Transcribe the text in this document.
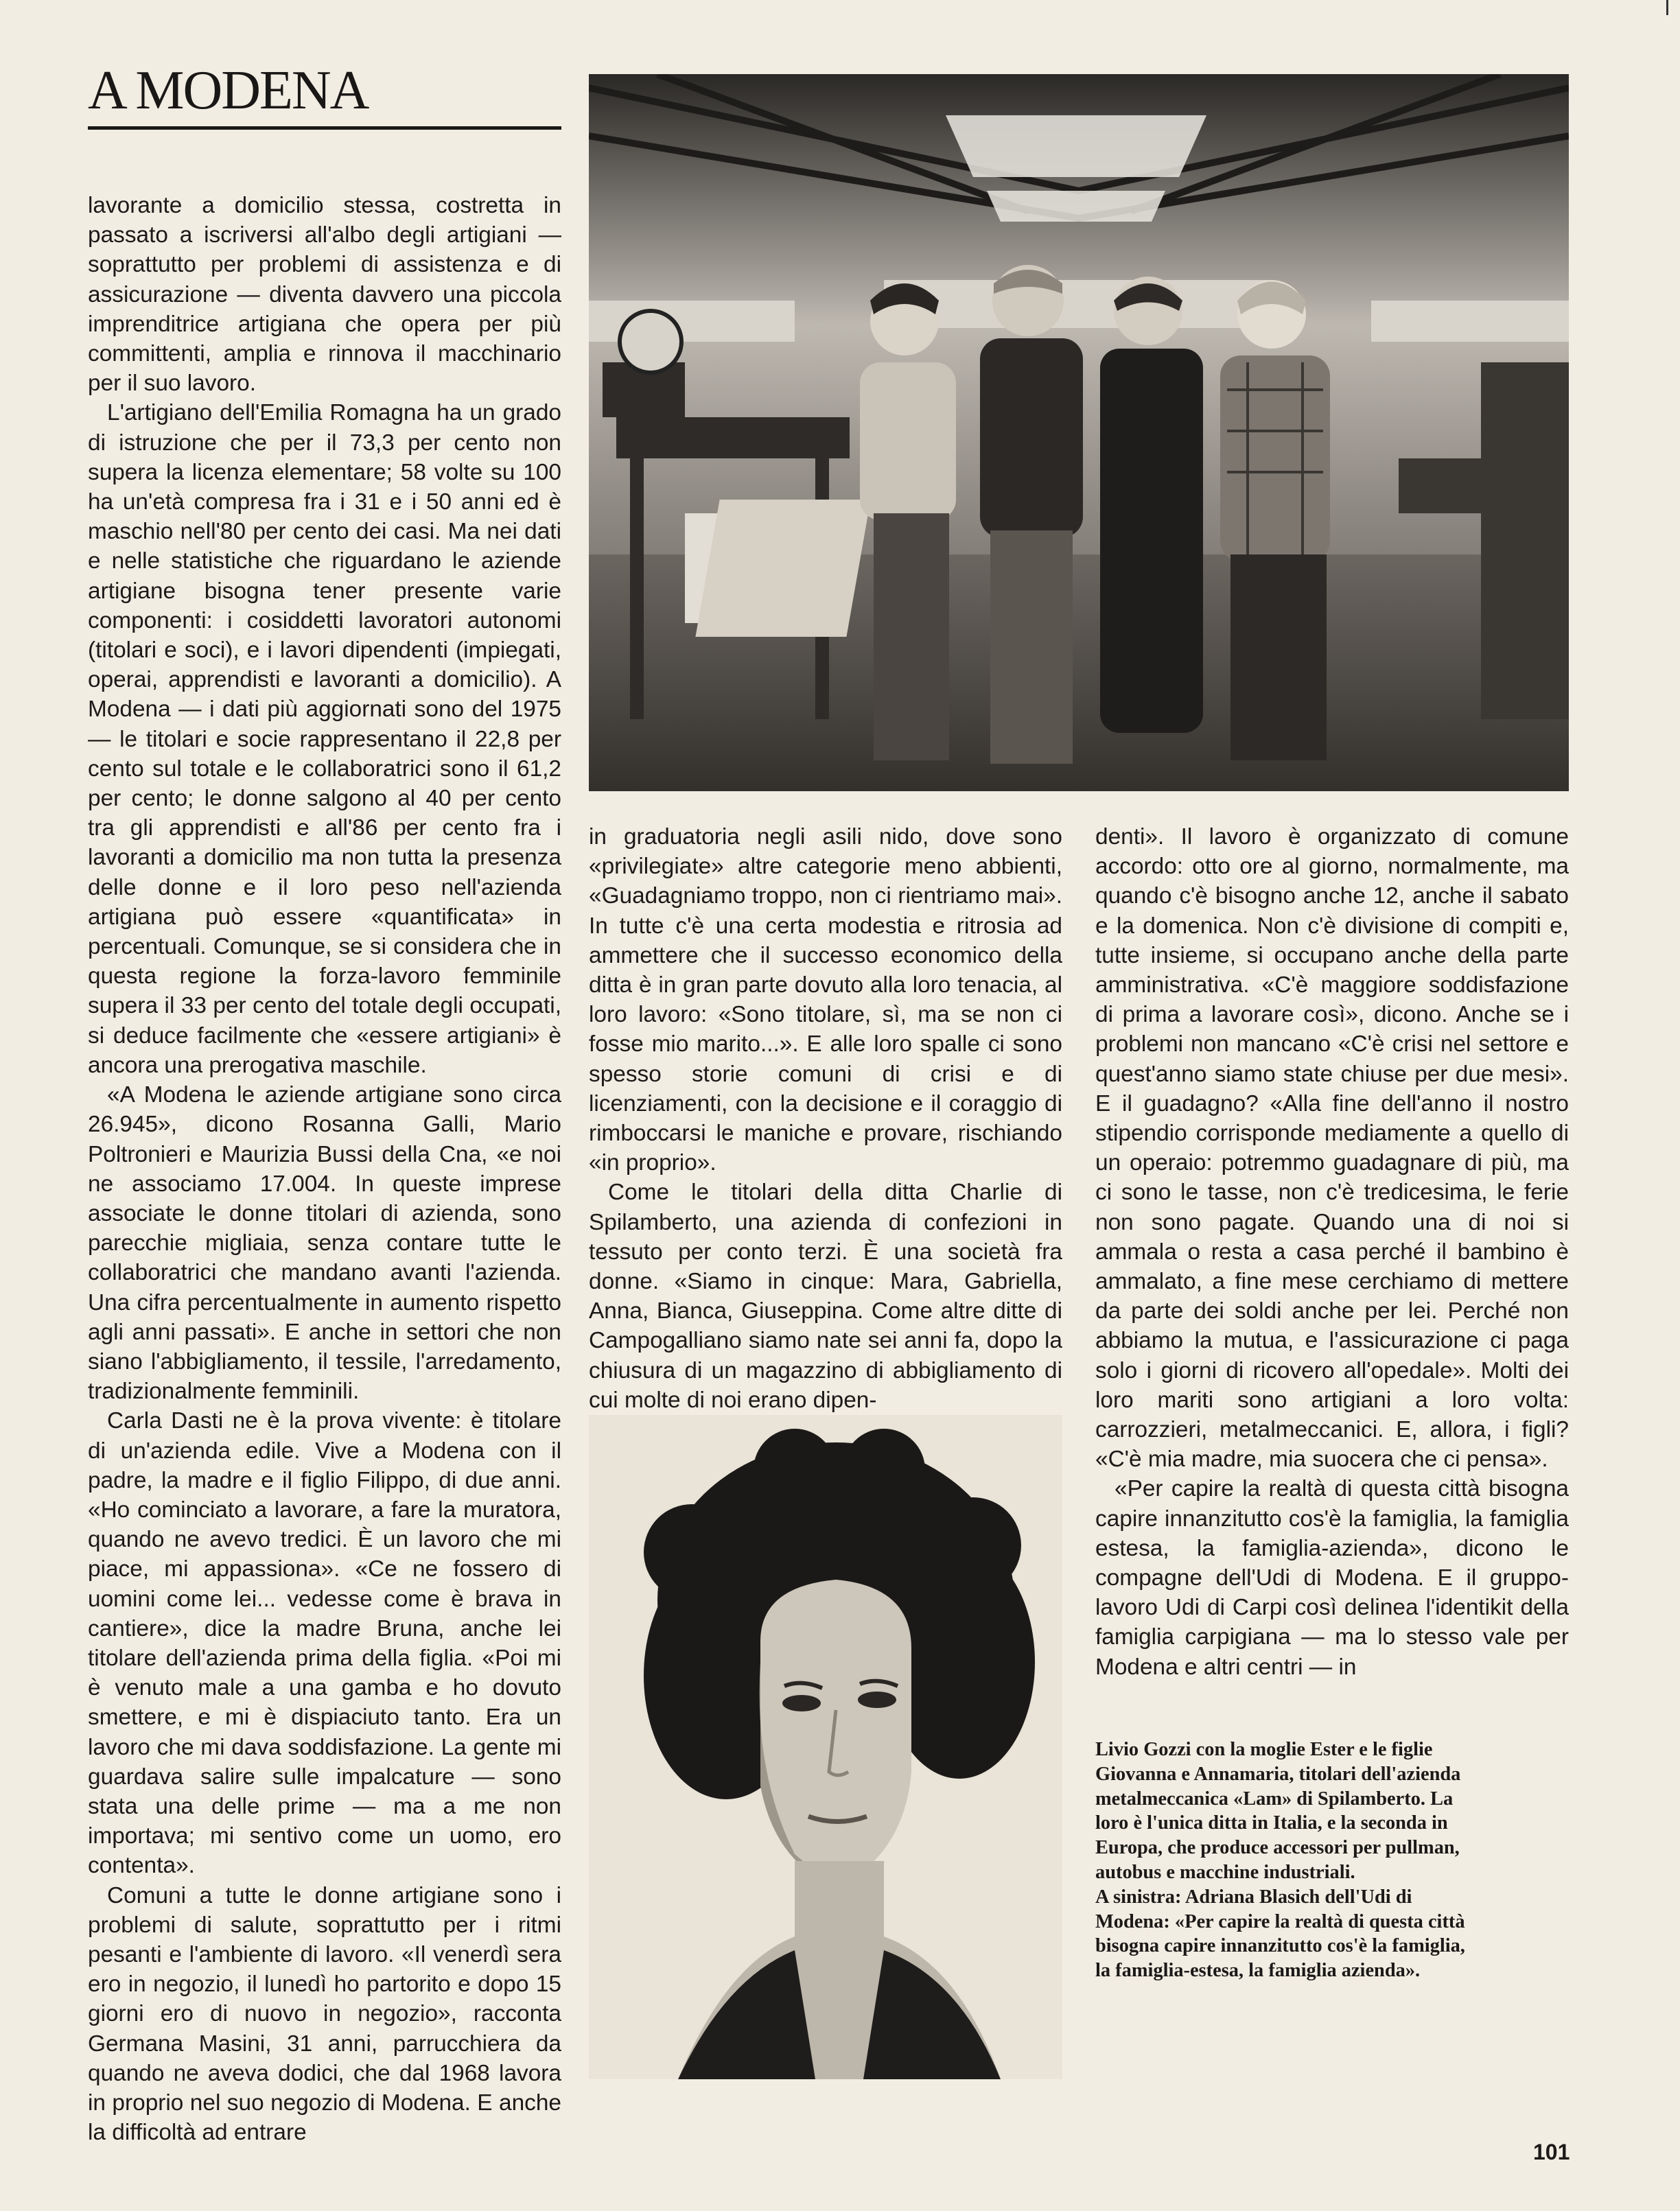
A MODENA

lavorante a domicilio stessa, costretta in passato a iscriversi all'albo degli artigiani — soprattutto per problemi di assistenza e di assicurazione — diventa davvero una piccola imprenditrice artigiana che opera per più committenti, amplia e rinnova il macchinario per il suo lavoro.

L'artigiano dell'Emilia Romagna ha un grado di istruzione che per il 73,3 per cento non supera la licenza elementare; 58 volte su 100 ha un'età compresa fra i 31 e i 50 anni ed è maschio nell'80 per cento dei casi. Ma nei dati e nelle statistiche che riguardano le aziende artigiane bisogna tener presente varie componenti: i cosiddetti lavoratori autonomi (titolari e soci), e i lavori dipendenti (impiegati, operai, apprendisti e lavoranti a domicilio). A Modena — i dati più aggiornati sono del 1975 — le titolari e socie rappresentano il 22,8 per cento sul totale e le collaboratrici sono il 61,2 per cento; le donne salgono al 40 per cento tra gli apprendisti e all'86 per cento fra i lavoranti a domicilio ma non tutta la presenza delle donne e il loro peso nell'azienda artigiana può essere «quantificata» in percentuali. Comunque, se si considera che in questa regione la forza-lavoro femminile supera il 33 per cento del totale degli occupati, si deduce facilmente che «essere artigiani» è ancora una prerogativa maschile.

«A Modena le aziende artigiane sono circa 26.945», dicono Rosanna Galli, Mario Poltronieri e Maurizia Bussi della Cna, «e noi ne associamo 17.004. In queste imprese associate le donne titolari di azienda, sono parecchie migliaia, senza contare tutte le collaboratrici che mandano avanti l'azienda. Una cifra percentualmente in aumento rispetto agli anni passati». E anche in settori che non siano l'abbigliamento, il tessile, l'arredamento, tradizionalmente femminili.

Carla Dasti ne è la prova vivente: è titolare di un'azienda edile. Vive a Modena con il padre, la madre e il figlio Filippo, di due anni. «Ho cominciato a lavorare, a fare la muratora, quando ne avevo tredici. È un lavoro che mi piace, mi appassiona». «Ce ne fossero di uomini come lei... vedesse come è brava in cantiere», dice la madre Bruna, anche lei titolare dell'azienda prima della figlia. «Poi mi è venuto male a una gamba e ho dovuto smettere, e mi è dispiaciuto tanto. Era un lavoro che mi dava soddisfazione. La gente mi guardava salire sulle impalcature — sono stata una delle prime — ma a me non importava; mi sentivo come un uomo, ero contenta».

Comuni a tutte le donne artigiane sono i problemi di salute, soprattutto per i ritmi pesanti e l'ambiente di lavoro. «Il venerdì sera ero in negozio, il lunedì ho partorito e dopo 15 giorni ero di nuovo in negozio», racconta Germana Masini, 31 anni, parrucchiera da quando ne aveva dodici, che dal 1968 lavora in proprio nel suo negozio di Modena. E anche la difficoltà ad entrare

in graduatoria negli asili nido, dove sono «privilegiate» altre categorie meno abbienti, «Guadagniamo troppo, non ci rientriamo mai». In tutte c'è una certa modestia e ritrosia ad ammettere che il successo economico della ditta è in gran parte dovuto alla loro tenacia, al loro lavoro: «Sono titolare, sì, ma se non ci fosse mio marito...». E alle loro spalle ci sono spesso storie comuni di crisi e di licenziamenti, con la decisione e il coraggio di rimboccarsi le maniche e provare, rischiando «in proprio».

Come le titolari della ditta Charlie di Spilamberto, una azienda di confezioni in tessuto per conto terzi. È una società fra donne. «Siamo in cinque: Mara, Gabriella, Anna, Bianca, Giuseppina. Come altre ditte di Campogalliano siamo nate sei anni fa, dopo la chiusura di un magazzino di abbigliamento di cui molte di noi erano dipen-

denti». Il lavoro è organizzato di comune accordo: otto ore al giorno, normalmente, ma quando c'è bisogno anche 12, anche il sabato e la domenica. Non c'è divisione di compiti e, tutte insieme, si occupano anche della parte amministrativa. «C'è maggiore soddisfazione di prima a lavorare così», dicono. Anche se i problemi non mancano «C'è crisi nel settore e quest'anno siamo state chiuse per due mesi». E il guadagno? «Alla fine dell'anno il nostro stipendio corrisponde mediamente a quello di un operaio: potremmo guadagnare di più, ma ci sono le tasse, non c'è tredicesima, le ferie non sono pagate. Quando una di noi si ammala o resta a casa perché il bambino è ammalato, a fine mese cerchiamo di mettere da parte dei soldi anche per lei. Perché non abbiamo la mutua, e l'assicurazione ci paga solo i giorni di ricovero all'opedale». Molti dei loro mariti sono artigiani a loro volta: carrozzieri, metalmeccanici. E, allora, i figli? «C'è mia madre, mia suocera che ci pensa».

«Per capire la realtà di questa città bisogna capire innanzitutto cos'è la famiglia, la famiglia estesa, la famiglia-azienda», dicono le compagne dell'Udi di Modena. E il gruppo-lavoro Udi di Carpi così delinea l'identikit della famiglia carpigiana — ma lo stesso vale per Modena e altri centri — in

Livio Gozzi con la moglie Ester e le figlie Giovanna e Annamaria, titolari dell'azienda metalmeccanica «Lam» di Spilamberto. La loro è l'unica ditta in Italia, e la seconda in Europa, che produce accessori per pullman, autobus e macchine industriali.

A sinistra: Adriana Blasich dell'Udi di Modena: «Per capire la realtà di questa città bisogna capire innanzitutto cos'è la famiglia, la famiglia-estesa, la famiglia azienda».

101
